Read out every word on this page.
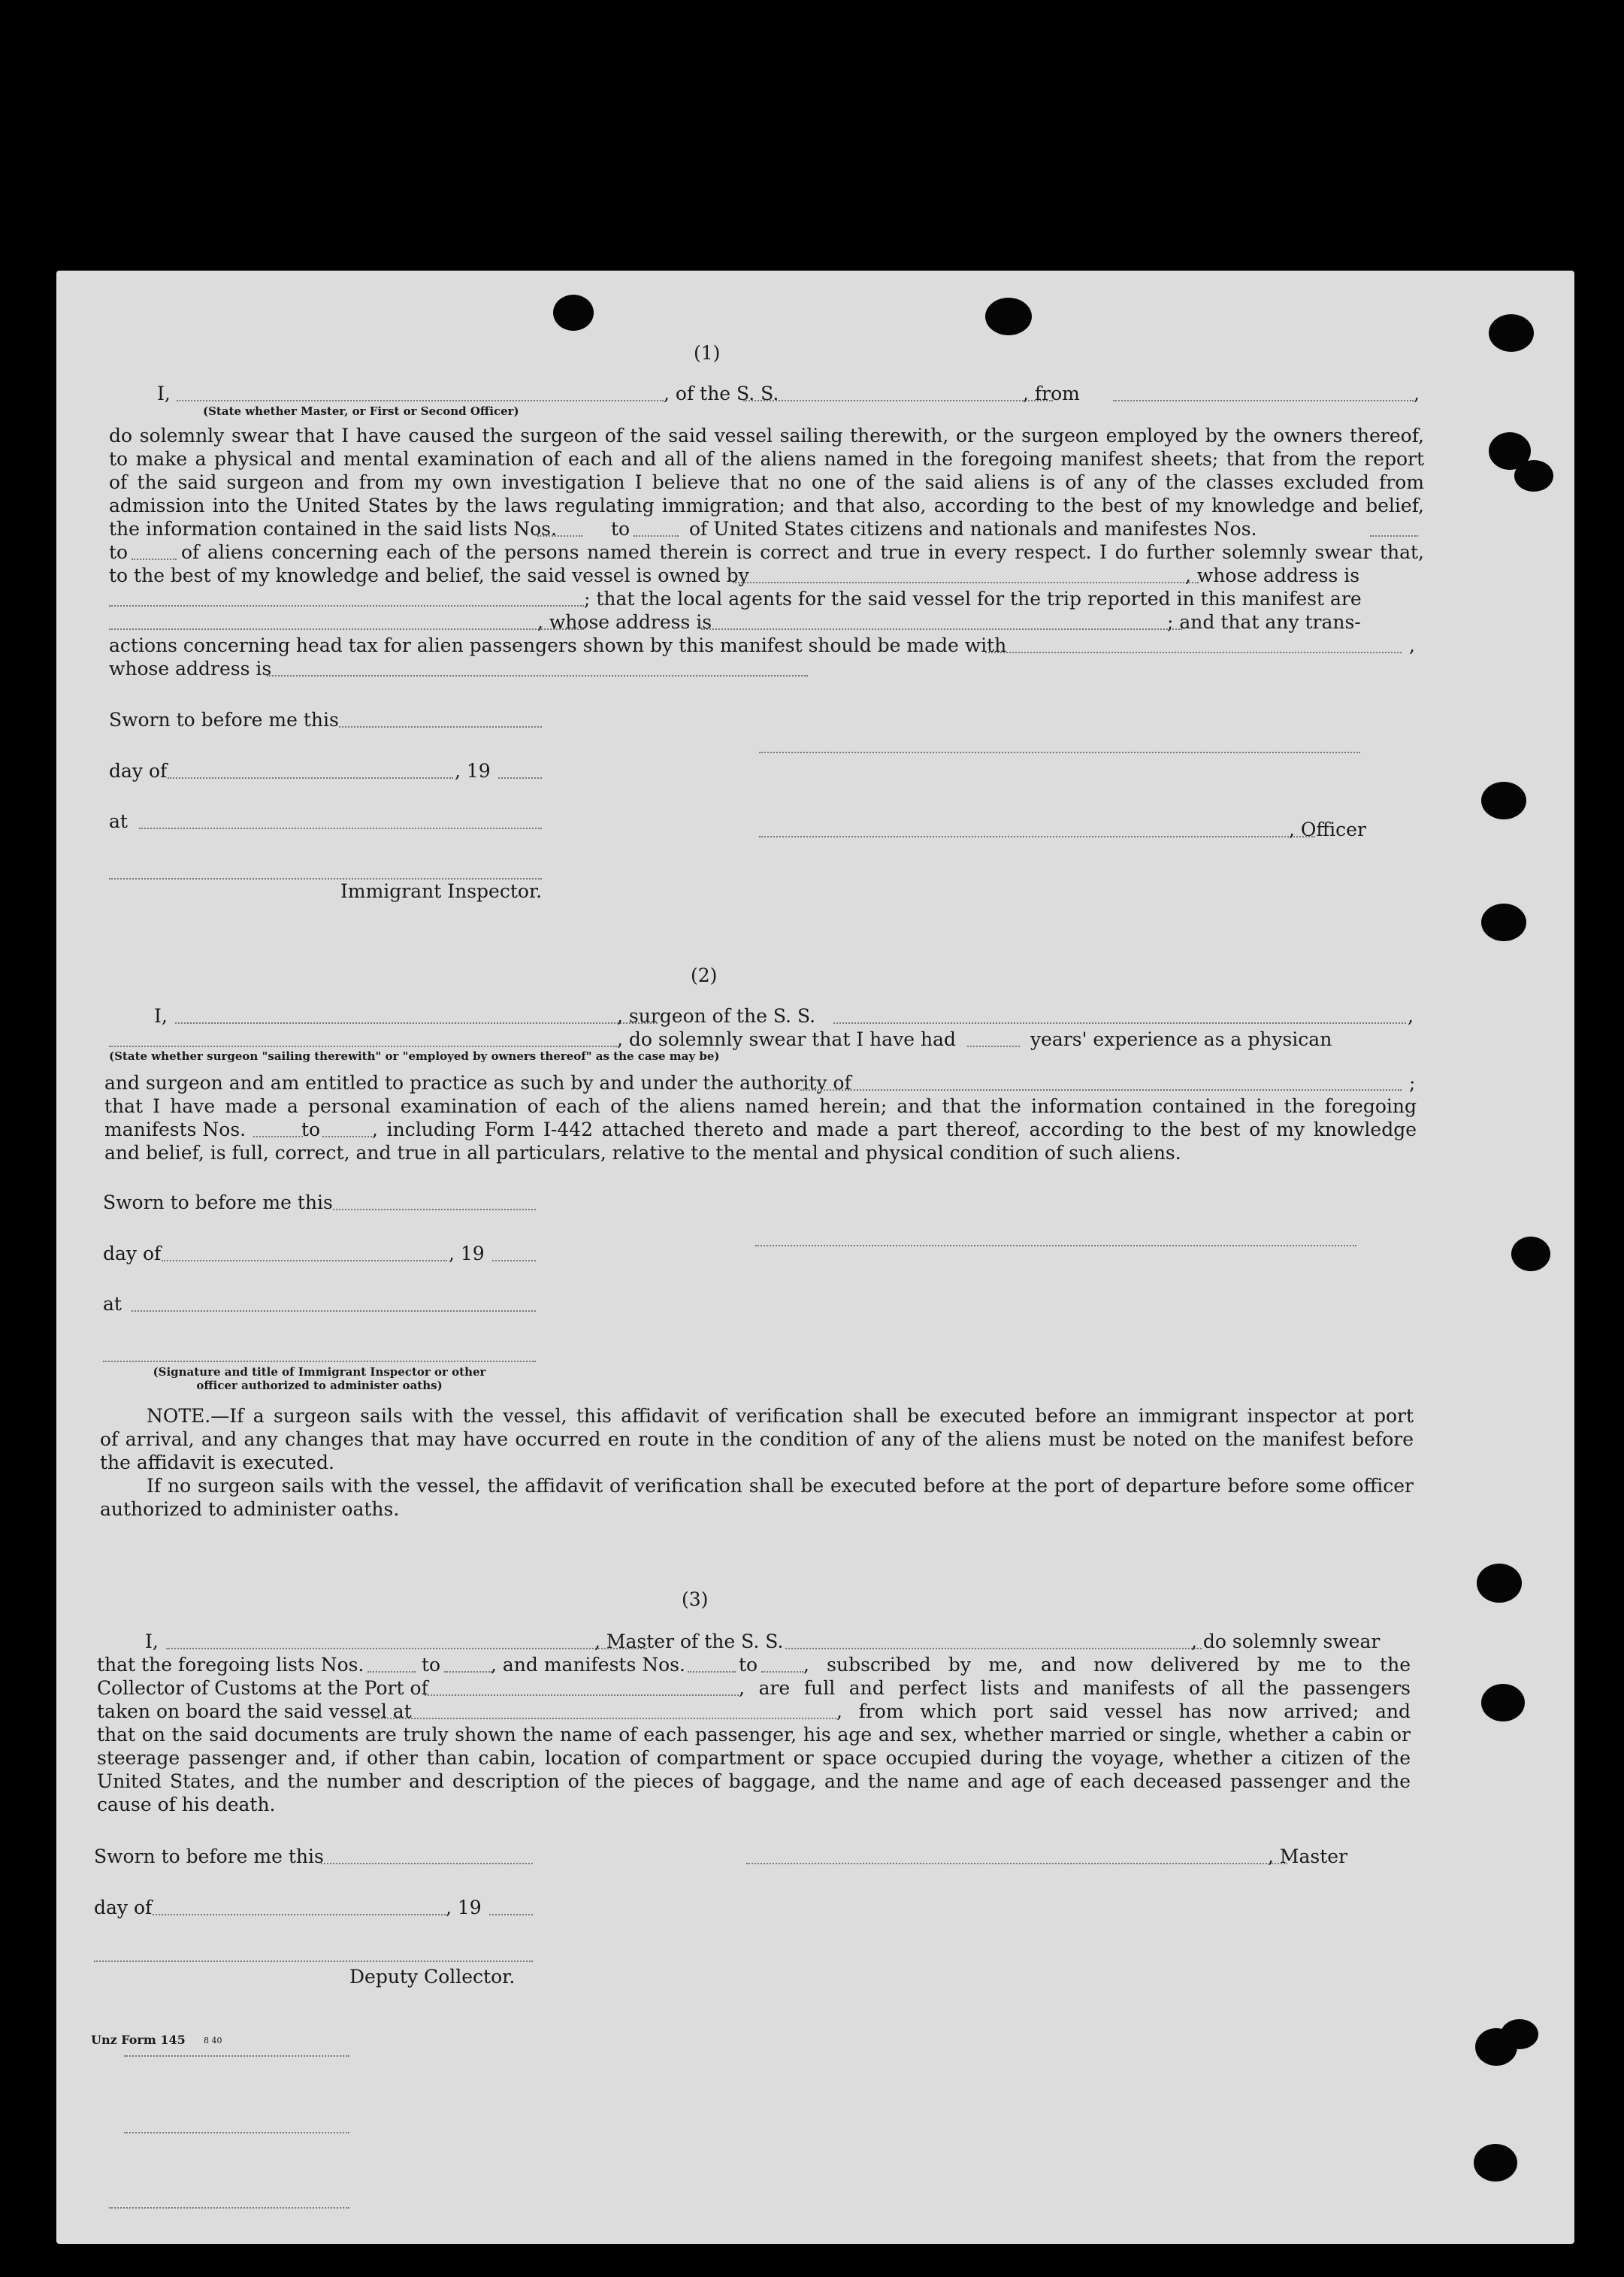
(1)
I,	, of the S. S.	, from	,
(State whether Master, or First or Second Officer)
do solemnly swear that I have caused the surgeon of the said vessel sailing therewith, or the surgeon employed by the owners thereof,
to make a physical and mental examination of each and all of the aliens named in the foregoing manifest sheets; that from the report
of the said surgeon and from my own investigation I believe that no one of the said aliens is of any of the classes excluded from
admission into the United States by the laws regulating immigration; and that also, according to the best of my knowledge and belief,
the information contained in the said lists Nos.	to	of United States citizens and nationals and manifestes Nos.
to	of aliens concerning each of the persons named therein is correct and true in every respect. I do further solemnly swear that,
to the best of my knowledge and belief, the said vessel is owned by	, whose address is
; that the local agents for the said vessel for the trip reported in this manifest are
, whose address is	; and that any trans-
actions concerning head tax for alien passengers shown by this manifest should be made with	,
whose address is
Sworn to before me this
day of	, 19
at	, Officer
Immigrant Inspector.
(2)
I,	, surgeon of the S. S.	,
, do solemnly swear that I have had	years' experience as a physican
(State whether surgeon "sailing therewith" or "employed by owners thereof" as the case may be)
and surgeon and am entitled to practice as such by and under the authority of	;
that I have made a personal examination of each of the aliens named herein; and that the information contained in the foregoing
manifests Nos.	to	, including Form I-442 attached thereto and made a part thereof, according to the best of my knowledge
and belief, is full, correct, and true in all particulars, relative to the mental and physical condition of such aliens.
Sworn to before me this
day of	, 19
at
(Signature and title of Immigrant Inspector or other
officer authorized to administer oaths)
NOTE.—If a surgeon sails with the vessel, this affidavit of verification shall be executed before an immigrant inspector at port
of arrival, and any changes that may have occurred en route in the condition of any of the aliens must be noted on the manifest before
the affidavit is executed.
If no surgeon sails with the vessel, the affidavit of verification shall be executed before at the port of departure before some officer
authorized to administer oaths.
(3)
I,	, Master of the S. S.	, do solemnly swear
that the foregoing lists Nos.	to	, and manifests Nos.	to , subscribed by me, and now delivered by me to the
Collector of Customs at the Port of	, are full and perfect lists and manifests of all the passengers
taken on board the said vessel at	, from which port said vessel has now arrived; and
that on the said documents are truly shown the name of each passenger, his age and sex, whether married or single, whether a cabin or
steerage passenger and, if other than cabin, location of compartment or space occupied during the voyage, whether a citizen of the
United States, and the number and description of the pieces of baggage, and the name and age of each deceased passenger and the
cause of his death.
Sworn to before me this	, Master
day of	, 19
Deputy Collector.
Unz Form 145 8 40
